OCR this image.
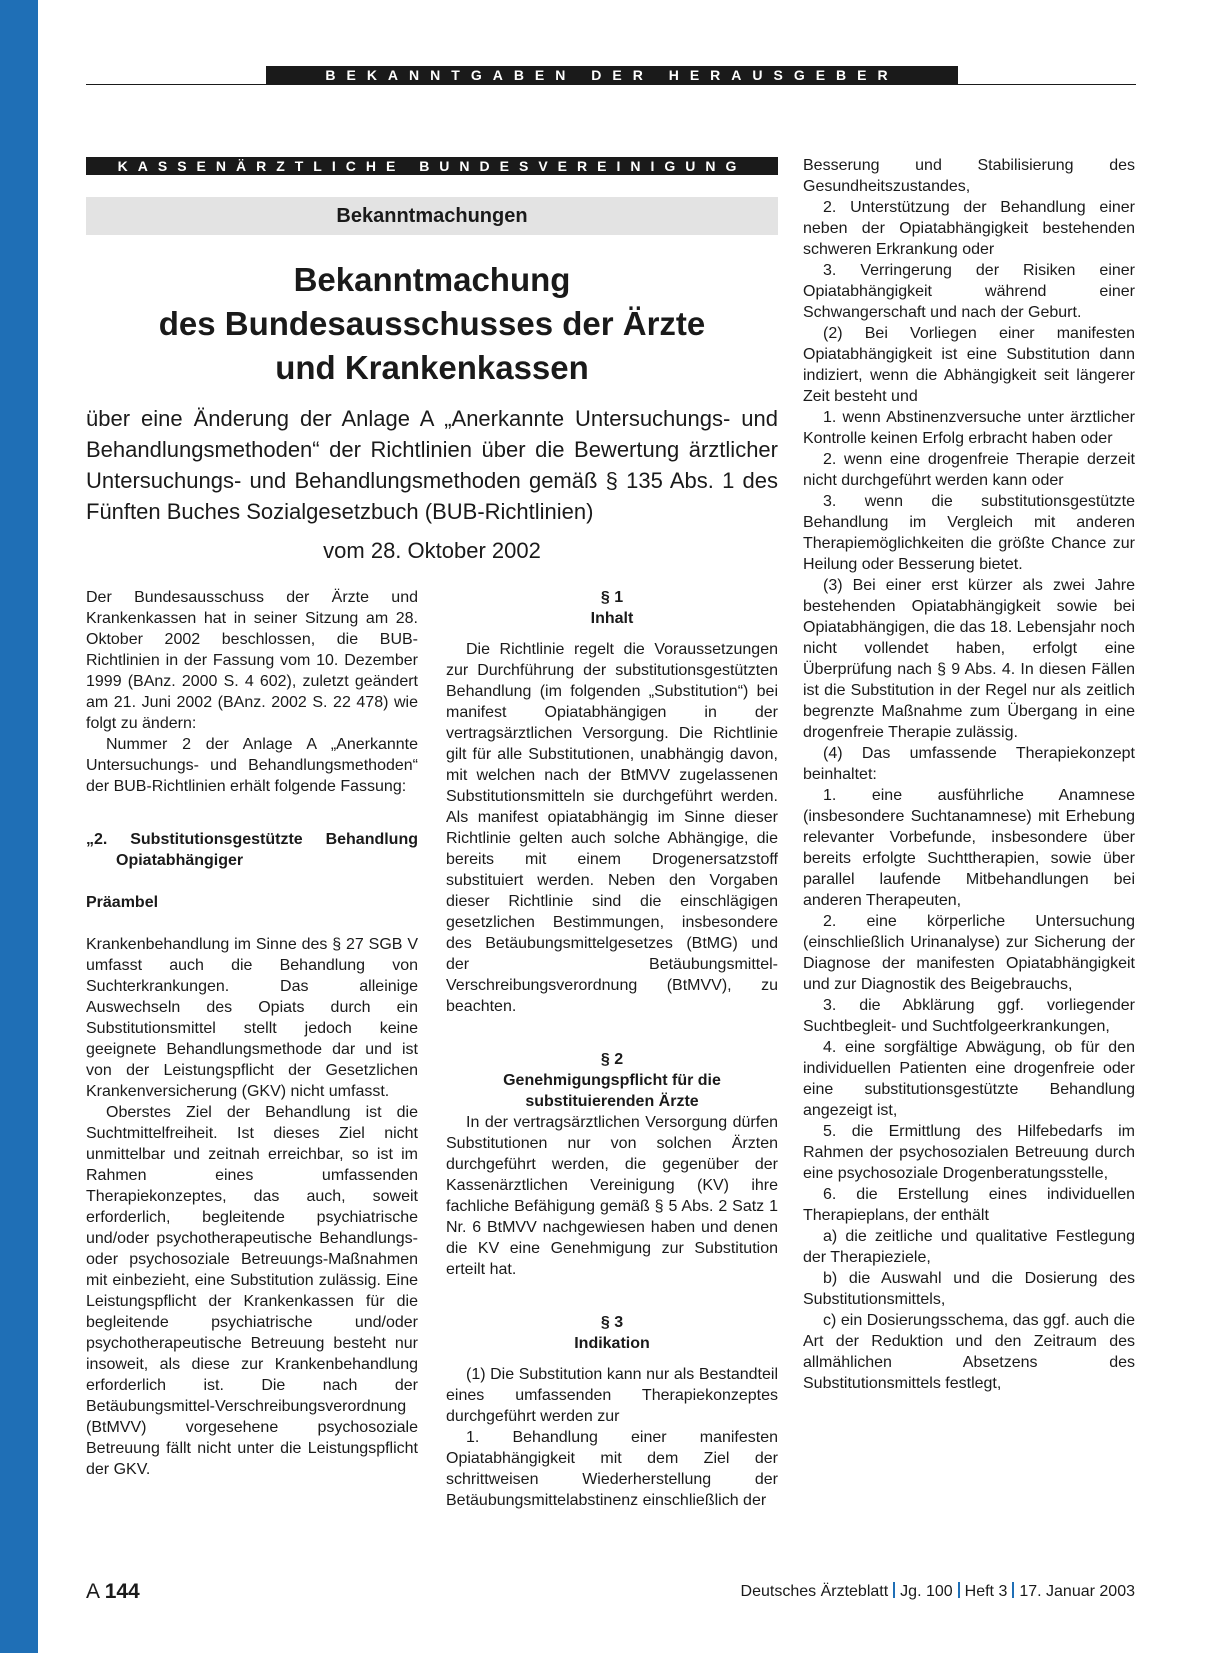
BEKANNTGABEN DER HERAUSGEBER
KASSENÄRZTLICHE BUNDESVEREINIGUNG
Bekanntmachungen
Bekanntmachung
des Bundesausschusses der Ärzte
und Krankenkassen
über eine Änderung der Anlage A „Anerkannte Untersuchungs- und Behandlungsmethoden“ der Richtlinien über die Bewertung ärztlicher Untersuchungs- und Behandlungsmethoden gemäß § 135 Abs. 1 des Fünften Buches Sozialgesetzbuch (BUB-Richtlinien)
vom 28. Oktober 2002

Der Bundesausschuss der Ärzte und Krankenkassen hat in seiner Sitzung am 28. Oktober 2002 beschlossen, die BUB-Richtlinien in der Fassung vom 10. Dezember 1999 (BAnz. 2000 S. 4 602), zuletzt geändert am 21. Juni 2002 (BAnz. 2002 S. 22 478) wie folgt zu ändern:

Nummer 2 der Anlage A „Anerkannte Untersuchungs- und Behandlungsmethoden“ der BUB-Richtlinien erhält folgende Fassung:

„2. Substitutionsgestützte Behandlung Opiatabhängiger

Präambel

Krankenbehandlung im Sinne des § 27 SGB V umfasst auch die Behandlung von Suchterkrankungen. Das alleinige Auswechseln des Opiats durch ein Substitutionsmittel stellt jedoch keine geeignete Behandlungsmethode dar und ist von der Leistungspflicht der Gesetzlichen Krankenversicherung (GKV) nicht umfasst.

Oberstes Ziel der Behandlung ist die Suchtmittelfreiheit. Ist dieses Ziel nicht unmittelbar und zeitnah erreichbar, so ist im Rahmen eines umfassenden Therapiekonzeptes, das auch, soweit erforderlich, begleitende psychiatrische und/oder psychotherapeutische Behandlungs- oder psychosoziale Betreuungs-Maßnahmen mit einbezieht, eine Substitution zulässig. Eine Leistungspflicht der Krankenkassen für die begleitende psychiatrische und/oder psychotherapeutische Betreuung besteht nur insoweit, als diese zur Krankenbehandlung erforderlich ist. Die nach der Betäubungsmittel-Verschreibungsverordnung (BtMVV) vorgesehene psychosoziale Betreuung fällt nicht unter die Leistungspflicht der GKV.

§ 1

Inhalt

Die Richtlinie regelt die Voraussetzungen zur Durchführung der substitutionsgestützten Behandlung (im folgenden „Substitution“) bei manifest Opiatabhängigen in der vertragsärztlichen Versorgung. Die Richtlinie gilt für alle Substitutionen, unabhängig davon, mit welchen nach der BtMVV zugelassenen Substitutionsmitteln sie durchgeführt werden. Als manifest opiatabhängig im Sinne dieser Richtlinie gelten auch solche Abhängige, die bereits mit einem Drogenersatzstoff substituiert werden. Neben den Vorgaben dieser Richtlinie sind die einschlägigen gesetzlichen Bestimmungen, insbesondere des Betäubungsmittelgesetzes (BtMG) und der Betäubungsmittel-Verschreibungsverordnung (BtMVV), zu beachten.

§ 2

Genehmigungspflicht für die

substituierenden Ärzte

In der vertragsärztlichen Versorgung dürfen Substitutionen nur von solchen Ärzten durchgeführt werden, die gegenüber der Kassenärztlichen Vereinigung (KV) ihre fachliche Befähigung gemäß § 5 Abs. 2 Satz 1 Nr. 6 BtMVV nachgewiesen haben und denen die KV eine Genehmigung zur Substitution erteilt hat.

§ 3

Indikation

(1) Die Substitution kann nur als Bestandteil eines umfassenden Therapiekonzeptes durchgeführt werden zur

1. Behandlung einer manifesten Opiatabhängigkeit mit dem Ziel der schrittweisen Wiederherstellung der Betäubungsmittelabstinenz einschließlich der

Besserung und Stabilisierung des Gesundheitszustandes,

2. Unterstützung der Behandlung einer neben der Opiatabhängigkeit bestehenden schweren Erkrankung oder

3. Verringerung der Risiken einer Opiatabhängigkeit während einer Schwangerschaft und nach der Geburt.

(2) Bei Vorliegen einer manifesten Opiatabhängigkeit ist eine Substitution dann indiziert, wenn die Abhängigkeit seit längerer Zeit besteht und

1. wenn Abstinenzversuche unter ärztlicher Kontrolle keinen Erfolg erbracht haben oder

2. wenn eine drogenfreie Therapie derzeit nicht durchgeführt werden kann oder

3. wenn die substitutionsgestützte Behandlung im Vergleich mit anderen Therapiemöglichkeiten die größte Chance zur Heilung oder Besserung bietet.

(3) Bei einer erst kürzer als zwei Jahre bestehenden Opiatabhängigkeit sowie bei Opiatabhängigen, die das 18. Lebensjahr noch nicht vollendet haben, erfolgt eine Überprüfung nach § 9 Abs. 4. In diesen Fällen ist die Substitution in der Regel nur als zeitlich begrenzte Maßnahme zum Übergang in eine drogenfreie Therapie zulässig.

(4) Das umfassende Therapiekonzept beinhaltet:

1. eine ausführliche Anamnese (insbesondere Suchtanamnese) mit Erhebung relevanter Vorbefunde, insbesondere über bereits erfolgte Suchttherapien, sowie über parallel laufende Mitbehandlungen bei anderen Therapeuten,

2. eine körperliche Untersuchung (einschließlich Urinanalyse) zur Sicherung der Diagnose der manifesten Opiatabhängigkeit und zur Diagnostik des Beigebrauchs,

3. die Abklärung ggf. vorliegender Suchtbegleit- und Suchtfolgeerkrankungen,

4. eine sorgfältige Abwägung, ob für den individuellen Patienten eine drogenfreie oder eine substitutionsgestützte Behandlung angezeigt ist,

5. die Ermittlung des Hilfebedarfs im Rahmen der psychosozialen Betreuung durch eine psychosoziale Drogenberatungsstelle,

6. die Erstellung eines individuellen Therapieplans, der enthält

a) die zeitliche und qualitative Festlegung der Therapieziele,

b) die Auswahl und die Dosierung des Substitutionsmittels,

c) ein Dosierungsschema, das ggf. auch die Art der Reduktion und den Zeitraum des allmählichen Absetzens des Substitutionsmittels festlegt,

A 144	Deutsches Ärzteblatt Jg. 100 Heft 3 17. Januar 2003
